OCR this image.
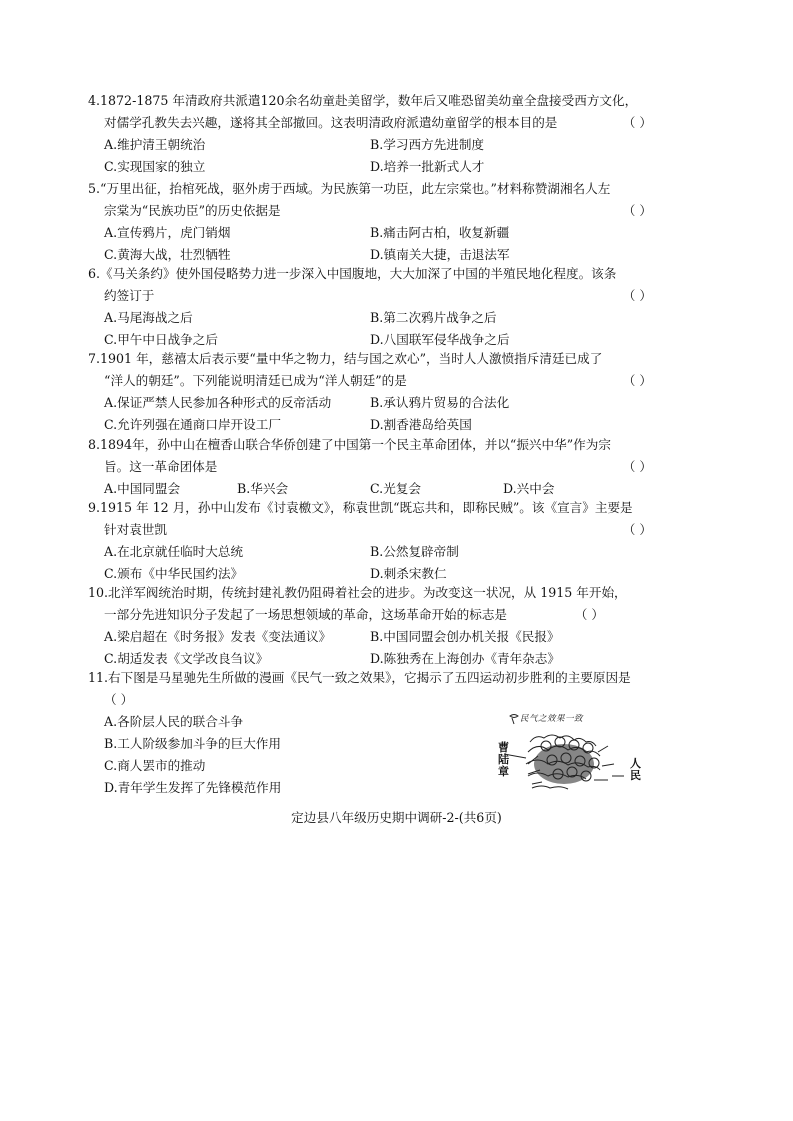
4.1872-1875 年清政府共派遣120余名幼童赴美留学，数年后又唯恐留美幼童全盘接受西方文化，
对儒学孔教失去兴趣，遂将其全部撤回。这表明清政府派遣幼童留学的根本目的是	（ ）
A.维护清王朝统治	B.学习西方先进制度
C.实现国家的独立	D.培养一批新式人才
5.“万里出征，抬棺死战，驱外虏于西域。为民族第一功臣，此左宗棠也。”材料称赞湖湘名人左
宗棠为“民族功臣”的历史依据是	（ ）
A.宣传鸦片，虎门销烟	B.痛击阿古柏，收复新疆
C.黄海大战，壮烈牺牲	D.镇南关大捷，击退法军
6.《马关条约》使外国侵略势力进一步深入中国腹地，大大加深了中国的半殖民地化程度。该条
约签订于	（ ）
A.马尾海战之后	B.第二次鸦片战争之后
C.甲午中日战争之后	D.八国联军侵华战争之后
7.1901 年，慈禧太后表示要“量中华之物力，结与国之欢心”，当时人人激愤指斥清廷已成了
“洋人的朝廷”。下列能说明清廷已成为“洋人朝廷”的是	（ ）
A.保证严禁人民参加各种形式的反帝活动	B.承认鸦片贸易的合法化
C.允许列强在通商口岸开设工厂	D.割香港岛给英国
8.1894年，孙中山在檀香山联合华侨创建了中国第一个民主革命团体，并以“振兴中华”作为宗
旨。这一革命团体是	（ ）
A.中国同盟会	B.华兴会	C.光复会	D.兴中会
9.1915 年 12 月，孙中山发布《讨袁檄文》，称袁世凯“既忘共和，即称民贼”。该《宣言》主要是
针对袁世凯	（ ）
A.在北京就任临时大总统	B.公然复辟帝制
C.颁布《中华民国约法》	D.刺杀宋教仁
10.北洋军阀统治时期，传统封建礼教仍阻碍着社会的进步。为改变这一状况，从 1915 年开始，
一部分先进知识分子发起了一场思想领域的革命，这场革命开始的标志是	（ ）
A.梁启超在《时务报》发表《变法通议》	B.中国同盟会创办机关报《民报》
C.胡适发表《文学改良刍议》	D.陈独秀在上海创办《青年杂志》
11.右下图是马星驰先生所做的漫画《民气一致之效果》，它揭示了五四运动初步胜利的主要原因是
（ ）
A.各阶层人民的联合斗争
B.工人阶级参加斗争的巨大作用
C.商人罢市的推动
D.青年学生发挥了先锋模范作用
民气之效果一致
曹陆章
人民
定边县八年级历史期中调研-2-(共6页)
